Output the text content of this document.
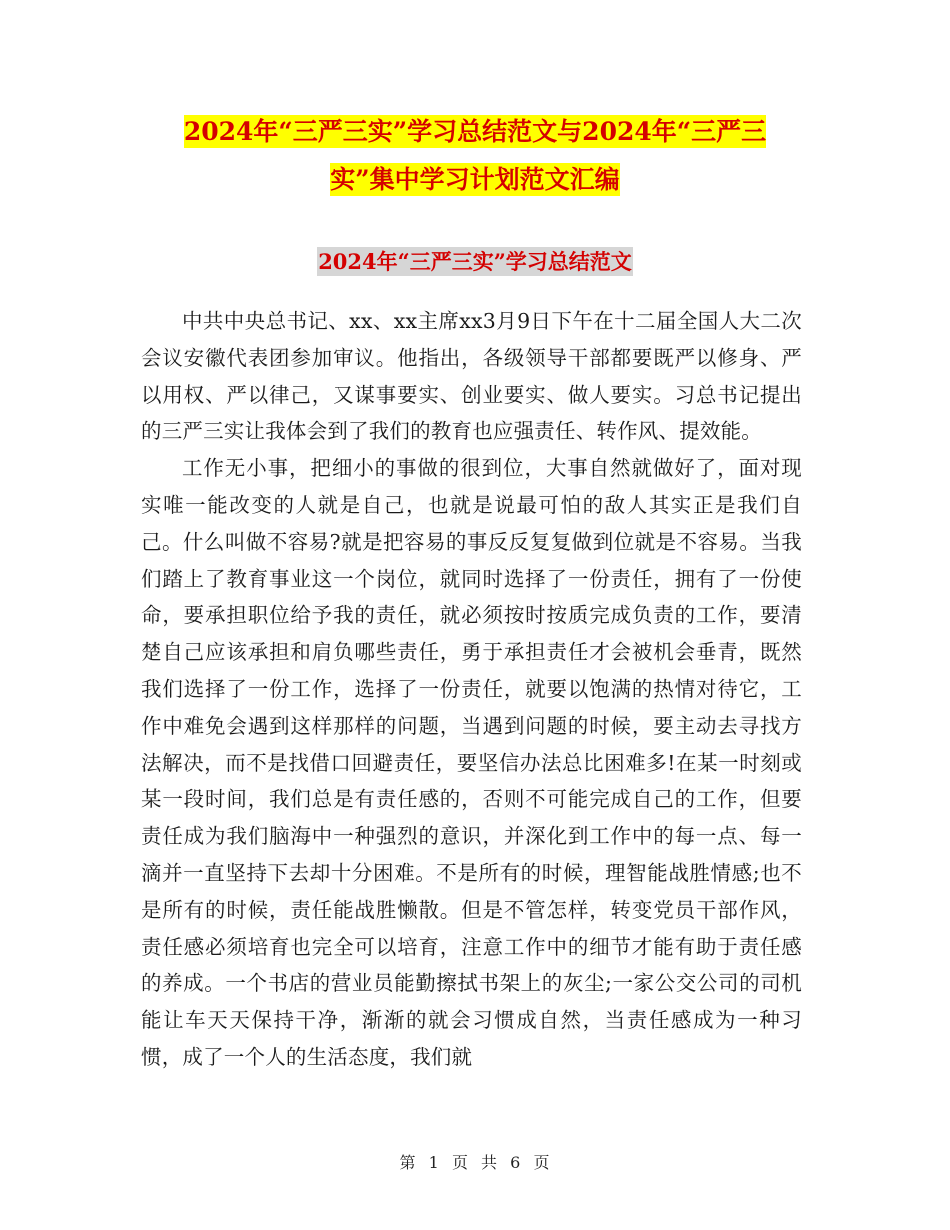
2024年“三严三实”学习总结范文与2024年“三严三
实”集中学习计划范文汇编
2024年“三严三实”学习总结范文

中共中央总书记、xx、xx主席xx3月9日下午在十二届全国人大二次会议安徽代表团参加审议。他指出，各级领导干部都要既严以修身、严以用权、严以律己，又谋事要实、创业要实、做人要实。习总书记提出的三严三实让我体会到了我们的教育也应强责任、转作风、提效能。

工作无小事，把细小的事做的很到位，大事自然就做好了，面对现实唯一能改变的人就是自己，也就是说最可怕的敌人其实正是我们自己。什么叫做不容易?就是把容易的事反反复复做到位就是不容易。当我们踏上了教育事业这一个岗位，就同时选择了一份责任，拥有了一份使命，要承担职位给予我的责任，就必须按时按质完成负责的工作，要清楚自己应该承担和肩负哪些责任，勇于承担责任才会被机会垂青，既然我们选择了一份工作，选择了一份责任，就要以饱满的热情对待它，工作中难免会遇到这样那样的问题，当遇到问题的时候，要主动去寻找方法解决，而不是找借口回避责任，要坚信办法总比困难多!在某一时刻或某一段时间，我们总是有责任感的，否则不可能完成自己的工作，但要责任成为我们脑海中一种强烈的意识，并深化到工作中的每一点、每一滴并一直坚持下去却十分困难。不是所有的时候，理智能战胜情感;也不是所有的时候，责任能战胜懒散。但是不管怎样，转变党员干部作风，责任感必须培育也完全可以培育，注意工作中的细节才能有助于责任感的养成。一个书店的营业员能勤擦拭书架上的灰尘;一家公交公司的司机能让车天天保持干净，渐渐的就会习惯成自然，当责任感成为一种习惯，成了一个人的生活态度，我们就

第 1 页 共 6 页
